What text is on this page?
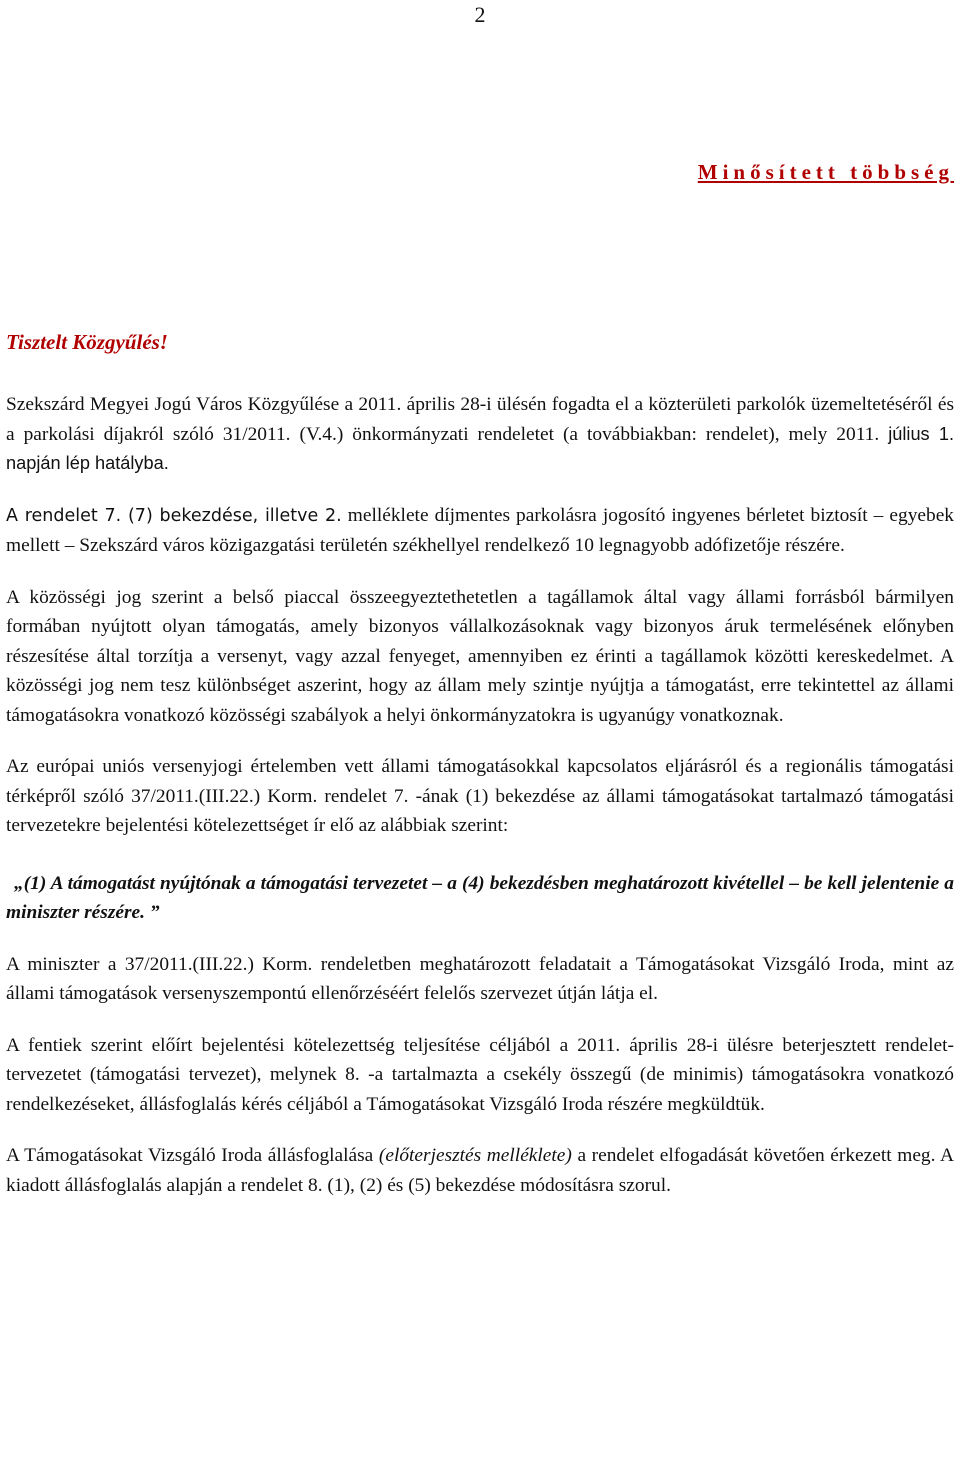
2
Minősített többség
Tisztelt Közgyűlés!

Szekszárd Megyei Jogú Város Közgyűlése a 2011. április 28-i ülésén fogadta el a közterületi parkolók üzemeltetéséről és a parkolási díjakról szóló 31/2011. (V.4.) önkormányzati rendeletet (a továbbiakban: rendelet), mely 2011. július 1. napján lép hatályba.

A rendelet 7. (7) bekezdése, illetve 2. melléklete díjmentes parkolásra jogosító ingyenes bérletet biztosít – egyebek mellett – Szekszárd város közigazgatási területén székhellyel rendelkező 10 legnagyobb adófizetője részére.

A közösségi jog szerint a belső piaccal összeegyeztethetetlen a tagállamok által vagy állami forrásból bármilyen formában nyújtott olyan támogatás, amely bizonyos vállalkozásoknak vagy bizonyos áruk termelésének előnyben részesítése által torzítja a versenyt, vagy azzal fenyeget, amennyiben ez érinti a tagállamok közötti kereskedelmet. A közösségi jog nem tesz különbséget aszerint, hogy az állam mely szintje nyújtja a támogatást, erre tekintettel az állami támogatásokra vonatkozó közösségi szabályok a helyi önkormányzatokra is ugyanúgy vonatkoznak.

Az európai uniós versenyjogi értelemben vett állami támogatásokkal kapcsolatos eljárásról és a regionális támogatási térképről szóló 37/2011.(III.22.) Korm. rendelet 7. -ának (1) bekezdése az állami támogatásokat tartalmazó támogatási tervezetekre bejelentési kötelezettséget ír elő az alábbiak szerint:

„(1) A támogatást nyújtónak a támogatási tervezetet – a (4) bekezdésben meghatározott kivétellel – be kell jelentenie a miniszter részére. ”

A miniszter a 37/2011.(III.22.) Korm. rendeletben meghatározott feladatait a Támogatásokat Vizsgáló Iroda, mint az állami támogatások versenyszempontú ellenőrzéséért felelős szervezet útján látja el.

A fentiek szerint előírt bejelentési kötelezettség teljesítése céljából a 2011. április 28-i ülésre beterjesztett rendelet-tervezetet (támogatási tervezet), melynek 8. -a tartalmazta a csekély összegű (de minimis) támogatásokra vonatkozó rendelkezéseket, állásfoglalás kérés céljából a Támogatásokat Vizsgáló Iroda részére megküldtük.

A Támogatásokat Vizsgáló Iroda állásfoglalása (előterjesztés melléklete) a rendelet elfogadását követően érkezett meg. A kiadott állásfoglalás alapján a rendelet 8. (1), (2) és (5) bekezdése módosításra szorul.
